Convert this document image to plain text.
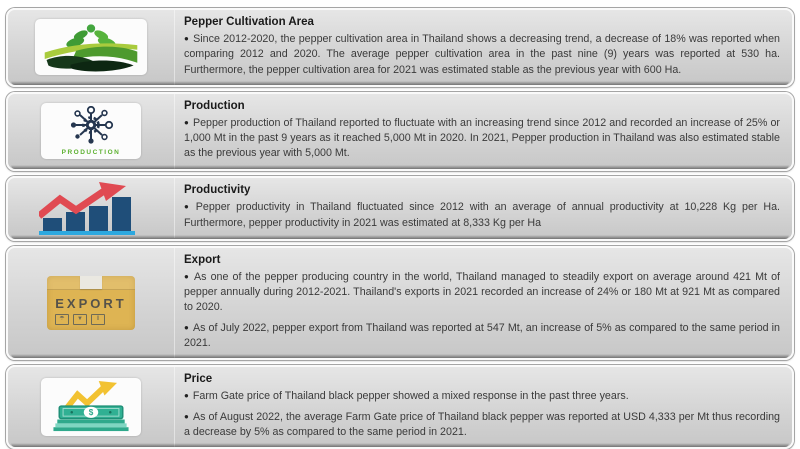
Pepper Cultivation Area

● Since 2012-2020, the pepper cultivation area in Thailand shows a decreasing trend, a decrease of 18% was reported when comparing 2012 and 2020. The average pepper cultivation area in the past nine (9) years was reported at 530 ha. Furthermore, the pepper cultivation area for 2021 was estimated stable as the previous year with 600 Ha.

PRODUCTION
Production

● Pepper production of Thailand reported to fluctuate with an increasing trend since 2012 and recorded an increase of 25% or 1,000 Mt in the past 9 years as it reached 5,000 Mt in 2020. In 2021, Pepper production in Thailand was also estimated stable as the previous year with 5,000 Mt.

Productivity

● Pepper productivity in Thailand fluctuated since 2012 with an average of annual productivity at 10,228 Kg per Ha. Furthermore, pepper productivity in 2021 was estimated at 8,333 Kg per Ha

EXPORT
☂	▼	‖
Export

● As one of the pepper producing country in the world, Thailand managed to steadily export on average around 421 Mt of pepper annually during 2012-2021. Thailand's exports in 2021 recorded an increase of 24% or 180 Mt at 921 Mt as compared to 2020.

● As of July 2022, pepper export from Thailand was reported at 547 Mt, an increase of 5% as compared to the same period in 2021.

$
Price

● Farm Gate price of Thailand black pepper showed a mixed response in the past three years.

● As of August 2022, the average Farm Gate price of Thailand black pepper was reported at USD 4,333 per Mt thus recording a decrease by 5% as compared to the same period in 2021.
